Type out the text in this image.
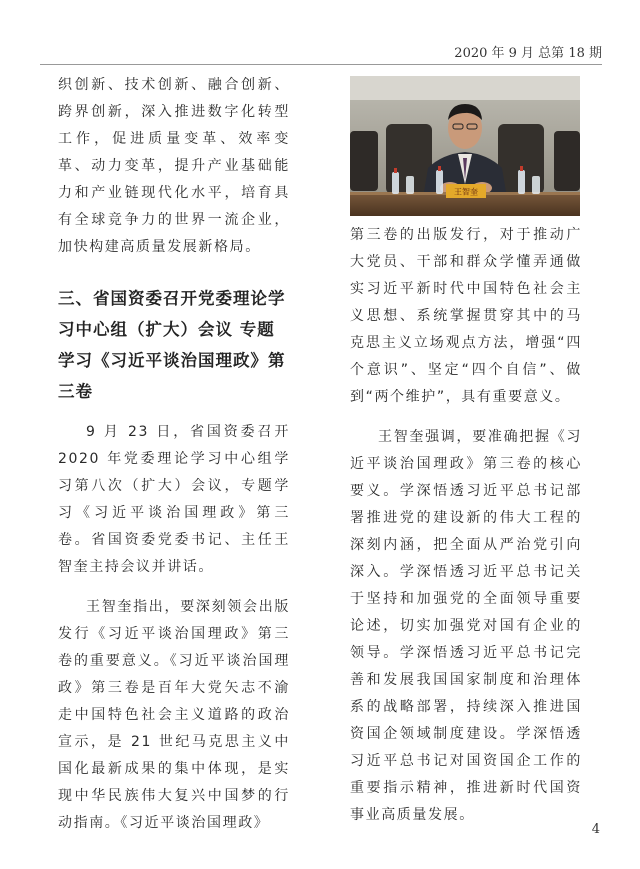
2020 年 9 月 总第 18 期

织创新、技术创新、融合创新、跨界创新，深入推进数字化转型工作，促进质量变革、效率变革、动力变革，提升产业基础能力和产业链现代化水平，培育具有全球竞争力的世界一流企业，加快构建高质量发展新格局。

三、省国资委召开党委理论学习中心组（扩大）会议 专题学习《习近平谈治国理政》第三卷

9 月 23 日，省国资委召开 2020 年党委理论学习中心组学习第八次（扩大）会议，专题学习《习近平谈治国理政》第三卷。省国资委党委书记、主任王智奎主持会议并讲话。

王智奎指出，要深刻领会出版发行《习近平谈治国理政》第三卷的重要意义。《习近平谈治国理政》第三卷是百年大党矢志不渝走中国特色社会主义道路的政治宣示，是 21 世纪马克思主义中国化最新成果的集中体现，是实现中华民族伟大复兴中国梦的行动指南。《习近平谈治国理政》

王智奎

第三卷的出版发行，对于推动广大党员、干部和群众学懂弄通做实习近平新时代中国特色社会主义思想、系统掌握贯穿其中的马克思主义立场观点方法，增强“四个意识”、坚定“四个自信”、做到“两个维护”，具有重要意义。

王智奎强调，要准确把握《习近平谈治国理政》第三卷的核心要义。学深悟透习近平总书记部署推进党的建设新的伟大工程的深刻内涵，把全面从严治党引向深入。学深悟透习近平总书记关于坚持和加强党的全面领导重要论述，切实加强党对国有企业的领导。学深悟透习近平总书记完善和发展我国国家制度和治理体系的战略部署，持续深入推进国资国企领域制度建设。学深悟透习近平总书记对国资国企工作的重要指示精神，推进新时代国资事业高质量发展。

4
